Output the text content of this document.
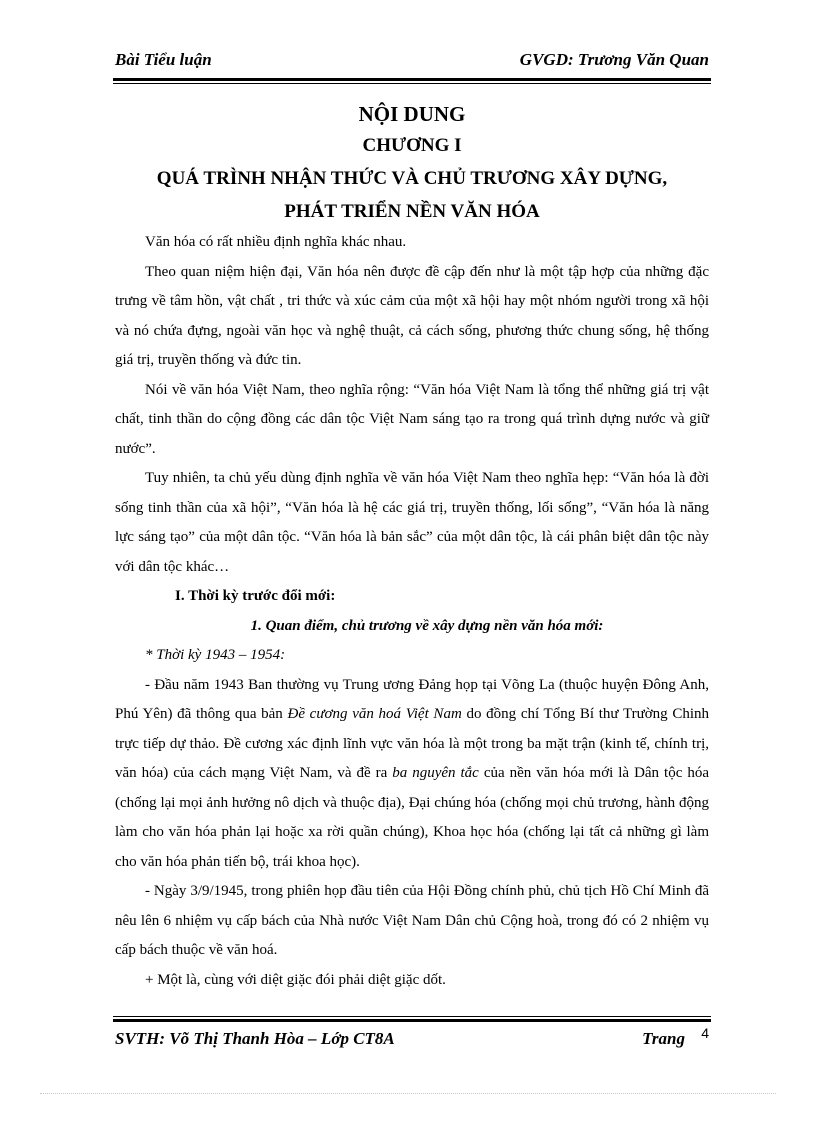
Bài Tiểu luận	GVGD: Trương Văn Quan
NỘI DUNG
CHƯƠNG I
QUÁ TRÌNH NHẬN THỨC VÀ CHỦ TRƯƠNG XÂY DỰNG,
PHÁT TRIỂN NỀN VĂN HÓA

Văn hóa có rất nhiều định nghĩa khác nhau.

Theo quan niệm hiện đại, Văn hóa nên được đề cập đến như là một tập hợp của những đặc trưng về tâm hồn, vật chất , tri thức và xúc cảm của một xã hội hay một nhóm người trong xã hội và nó chứa đựng, ngoài văn học và nghệ thuật, cả cách sống, phương thức chung sống, hệ thống giá trị, truyền thống và đức tin.

Nói về văn hóa Việt Nam, theo nghĩa rộng: “Văn hóa Việt Nam là tổng thể những giá trị vật chất, tinh thần do cộng đồng các dân tộc Việt Nam sáng tạo ra trong quá trình dựng nước và giữ nước”.

Tuy nhiên, ta chủ yếu dùng định nghĩa về văn hóa Việt Nam theo nghĩa hẹp: “Văn hóa là đời sống tinh thần của xã hội”, “Văn hóa là hệ các giá trị, truyền thống, lối sống”, “Văn hóa là năng lực sáng tạo” của một dân tộc. “Văn hóa là bản sắc” của một dân tộc, là cái phân biệt dân tộc này với dân tộc khác…

I. Thời kỳ trước đổi mới:

1. Quan điểm, chủ trương về xây dựng nền văn hóa mới:

* Thời kỳ 1943 – 1954:

- Đầu năm 1943 Ban thường vụ Trung ương Đảng họp tại Võng La (thuộc huyện Đông Anh, Phú Yên) đã thông qua bản Đề cương văn hoá Việt Nam do đồng chí Tổng Bí thư Trường Chinh trực tiếp dự thảo. Đề cương xác định lĩnh vực văn hóa là một trong ba mặt trận (kinh tế, chính trị, văn hóa) của cách mạng Việt Nam, và đề ra ba nguyên tắc của nền văn hóa mới là Dân tộc hóa (chống lại mọi ảnh hưởng nô dịch và thuộc địa), Đại chúng hóa (chống mọi chủ trương, hành động làm cho văn hóa phản lại hoặc xa rời quần chúng), Khoa học hóa (chống lại tất cả những gì làm cho văn hóa phản tiến bộ, trái khoa học).

- Ngày 3/9/1945, trong phiên họp đầu tiên của Hội Đồng chính phủ, chủ tịch Hồ Chí Minh đã nêu lên 6 nhiệm vụ cấp bách của Nhà nước Việt Nam Dân chủ Cộng hoà, trong đó có 2 nhiệm vụ cấp bách thuộc về văn hoá.

+ Một là, cùng với diệt giặc đói phải diệt giặc dốt.

SVTH: Võ Thị Thanh Hòa – Lớp CT8A	Trang 4
